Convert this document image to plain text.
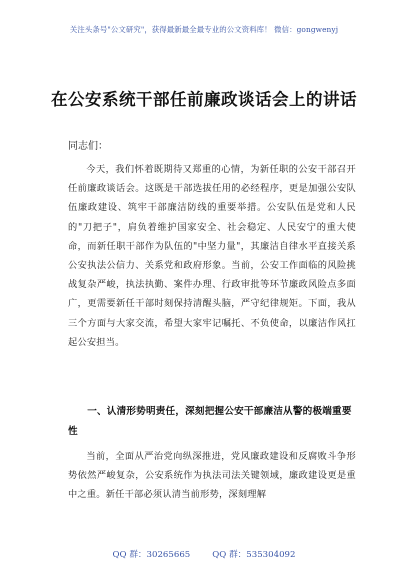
关注头条号"公文研究"，获得最新最全最专业的公文资料库！ 微信：gongwenyj
在公安系统干部任前廉政谈话会上的讲话
同志们：

今天，我们怀着既期待又郑重的心情，为新任职的公安干部召开任前廉政谈话会。这既是干部选拔任用的必经程序，更是加强公安队伍廉政建设、筑牢干部廉洁防线的重要举措。公安队伍是党和人民的"刀把子"，肩负着维护国家安全、社会稳定、人民安宁的重大使命，而新任职干部作为队伍的"中坚力量"，其廉洁自律水平直接关系公安执法公信力、关系党和政府形象。当前，公安工作面临的风险挑战复杂严峻，执法执勤、案件办理、行政审批等环节廉政风险点多面广，更需要新任干部时刻保持清醒头脑，严守纪律规矩。下面，我从三个方面与大家交流，希望大家牢记嘱托、不负使命，以廉洁作风扛起公安担当。

一、认清形势明责任，深刻把握公安干部廉洁从警的极端重要性

当前，全面从严治党向纵深推进，党风廉政建设和反腐败斗争形势依然严峻复杂，公安系统作为执法司法关键领域，廉政建设更是重中之重。新任干部必须认清当前形势，深刻理解

QQ 群：30265665	QQ 群：535304092
